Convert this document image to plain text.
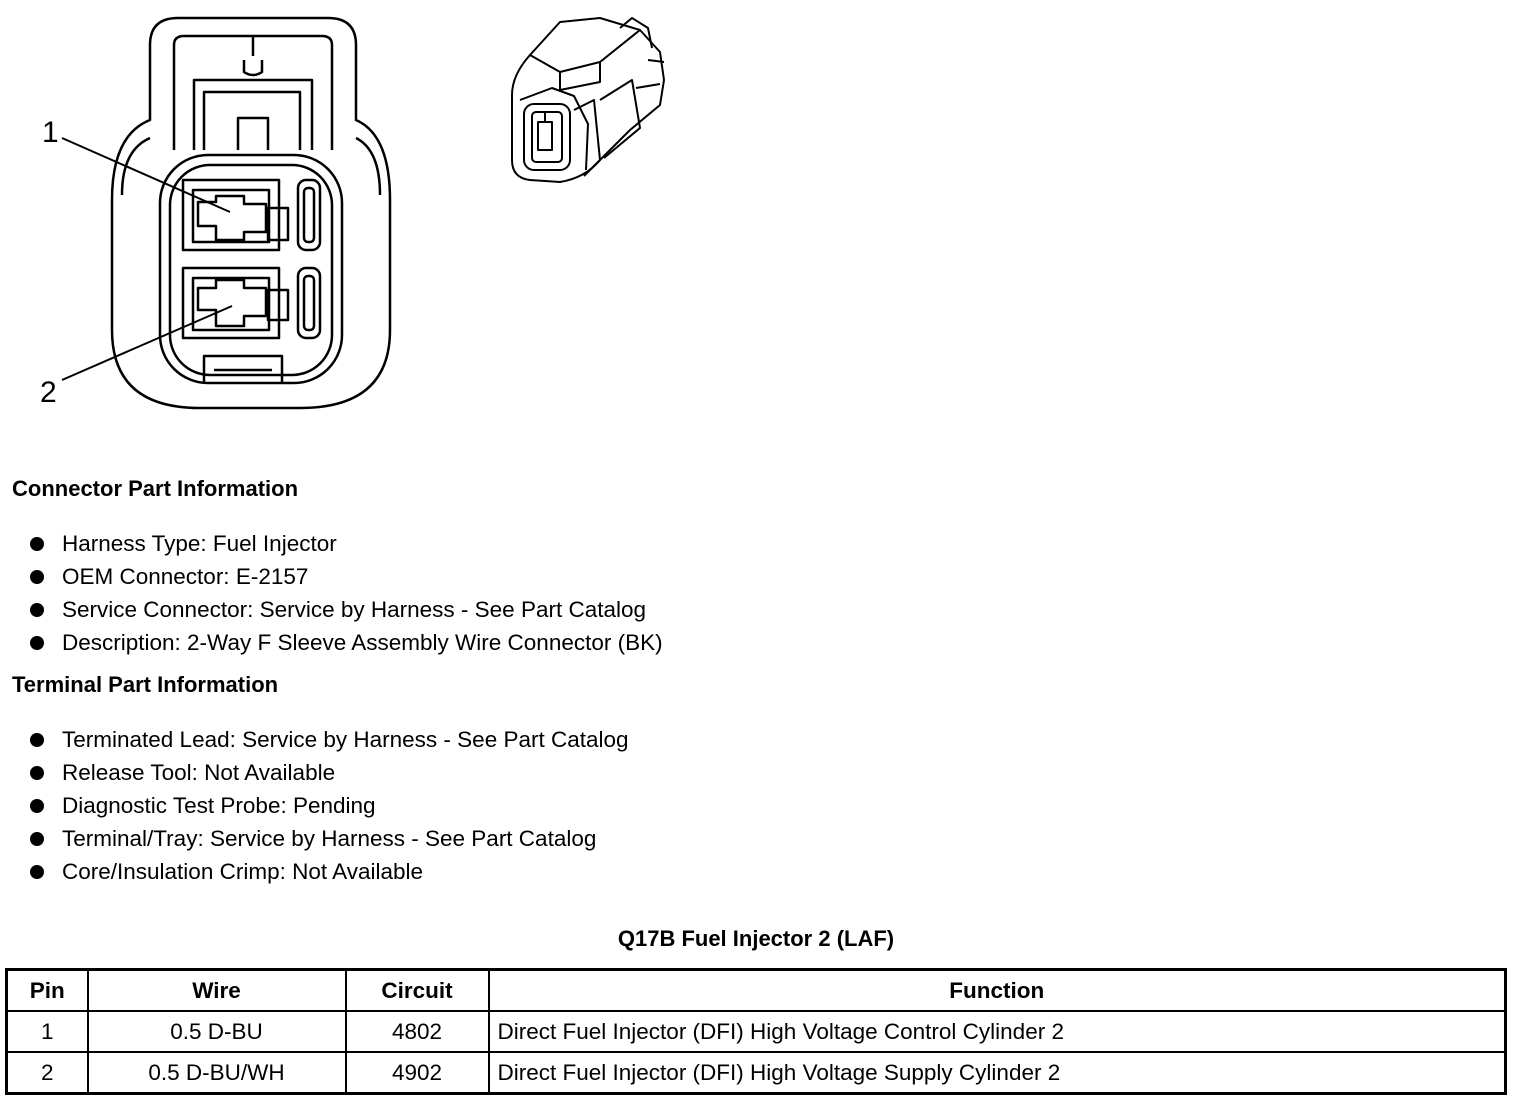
1
2
Connector Part Information
Harness Type: Fuel Injector
OEM Connector: E-2157
Service Connector: Service by Harness - See Part Catalog
Description: 2-Way F Sleeve Assembly Wire Connector (BK)
Terminal Part Information
Terminated Lead: Service by Harness - See Part Catalog
Release Tool: Not Available
Diagnostic Test Probe: Pending
Terminal/Tray: Service by Harness - See Part Catalog
Core/Insulation Crimp: Not Available
Q17B Fuel Injector 2 (LAF)
Pin	Wire	Circuit	Function
1	0.5 D-BU	4802	Direct Fuel Injector (DFI) High Voltage Control Cylinder 2
2	0.5 D-BU/WH	4902	Direct Fuel Injector (DFI) High Voltage Supply Cylinder 2
